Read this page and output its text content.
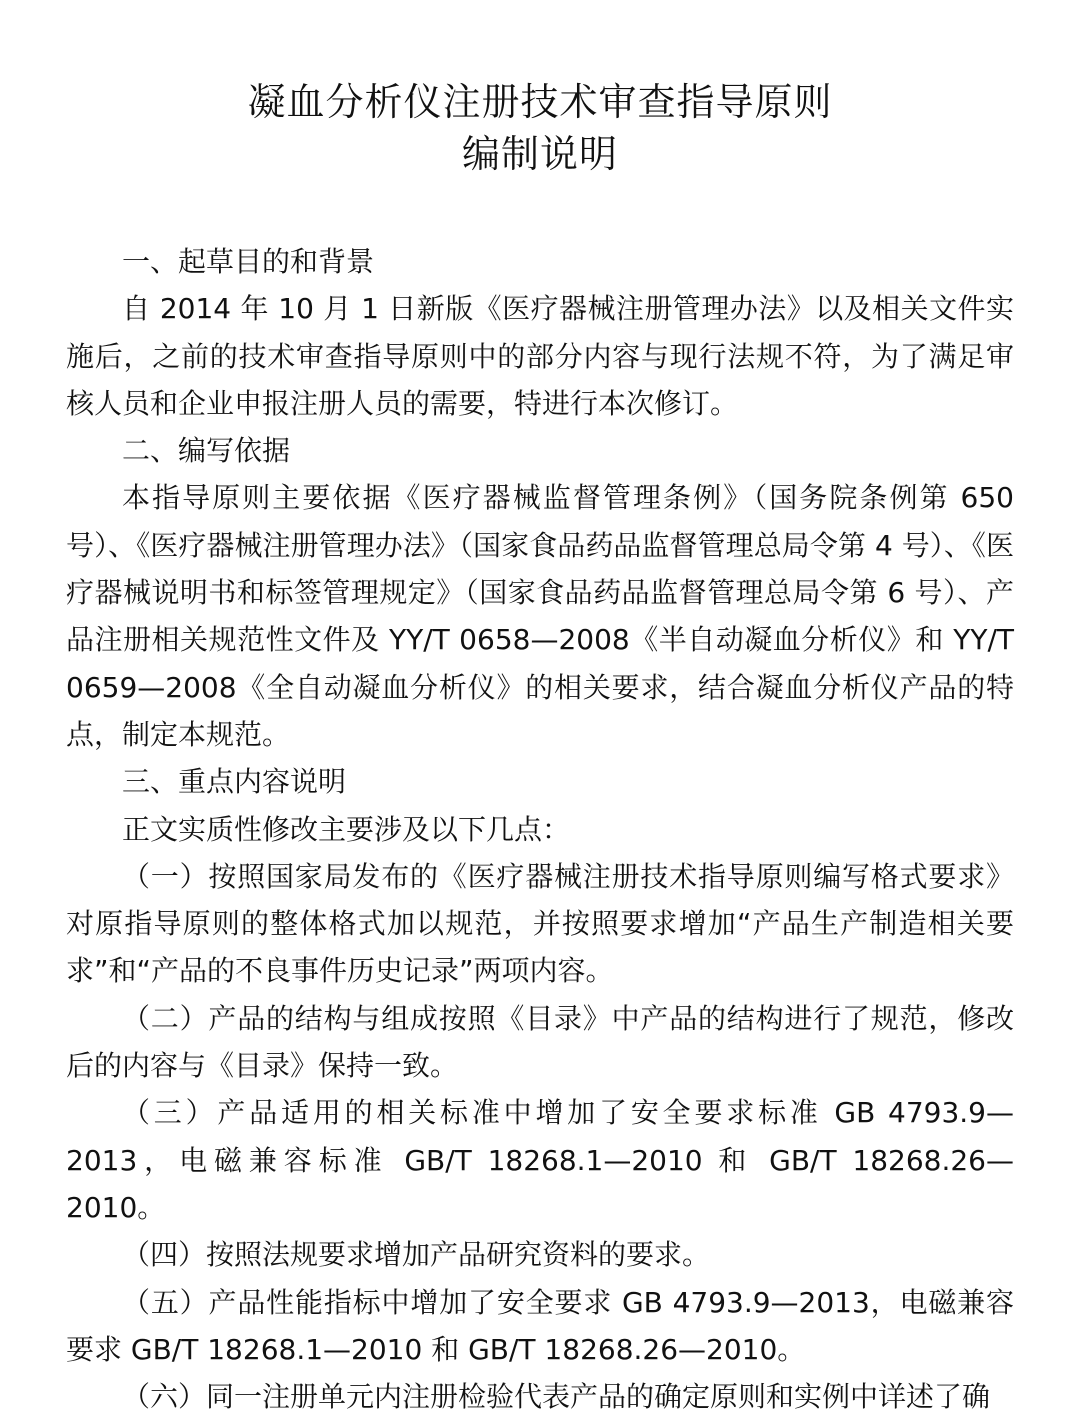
凝血分析仪注册技术审查指导原则
编制说明

一、起草目的和背景

自 2014 年 10 月 1 日新版《医疗器械注册管理办法》以及相关文件实施后，之前的技术审查指导原则中的部分内容与现行法规不符，为了满足审核人员和企业申报注册人员的需要，特进行本次修订。

二、编写依据

本指导原则主要依据《医疗器械监督管理条例》（国务院条例第 650 号）、《医疗器械注册管理办法》（国家食品药品监督管理总局令第 4 号）、《医疗器械说明书和标签管理规定》（国家食品药品监督管理总局令第 6 号）、产品注册相关规范性文件及 YY/T 0658—2008《半自动凝血分析仪》和 YY/T 0659—2008《全自动凝血分析仪》的相关要求，结合凝血分析仪产品的特点，制定本规范。

三、重点内容说明

正文实质性修改主要涉及以下几点：

（一）按照国家局发布的《医疗器械注册技术指导原则编写格式要求》对原指导原则的整体格式加以规范，并按照要求增加“产品生产制造相关要求”和“产品的不良事件历史记录”两项内容。

（二）产品的结构与组成按照《目录》中产品的结构进行了规范，修改后的内容与《目录》保持一致。

（三）产品适用的相关标准中增加了安全要求标准 GB 4793.9—2013，电磁兼容标准 GB/T 18268.1—2010 和 GB/T 18268.26—2010。

（四）按照法规要求增加产品研究资料的要求。

（五）产品性能指标中增加了安全要求 GB 4793.9—2013，电磁兼容要求 GB/T 18268.1—2010 和 GB/T 18268.26—2010。

（六）同一注册单元内注册检验代表产品的确定原则和实例中详述了确
